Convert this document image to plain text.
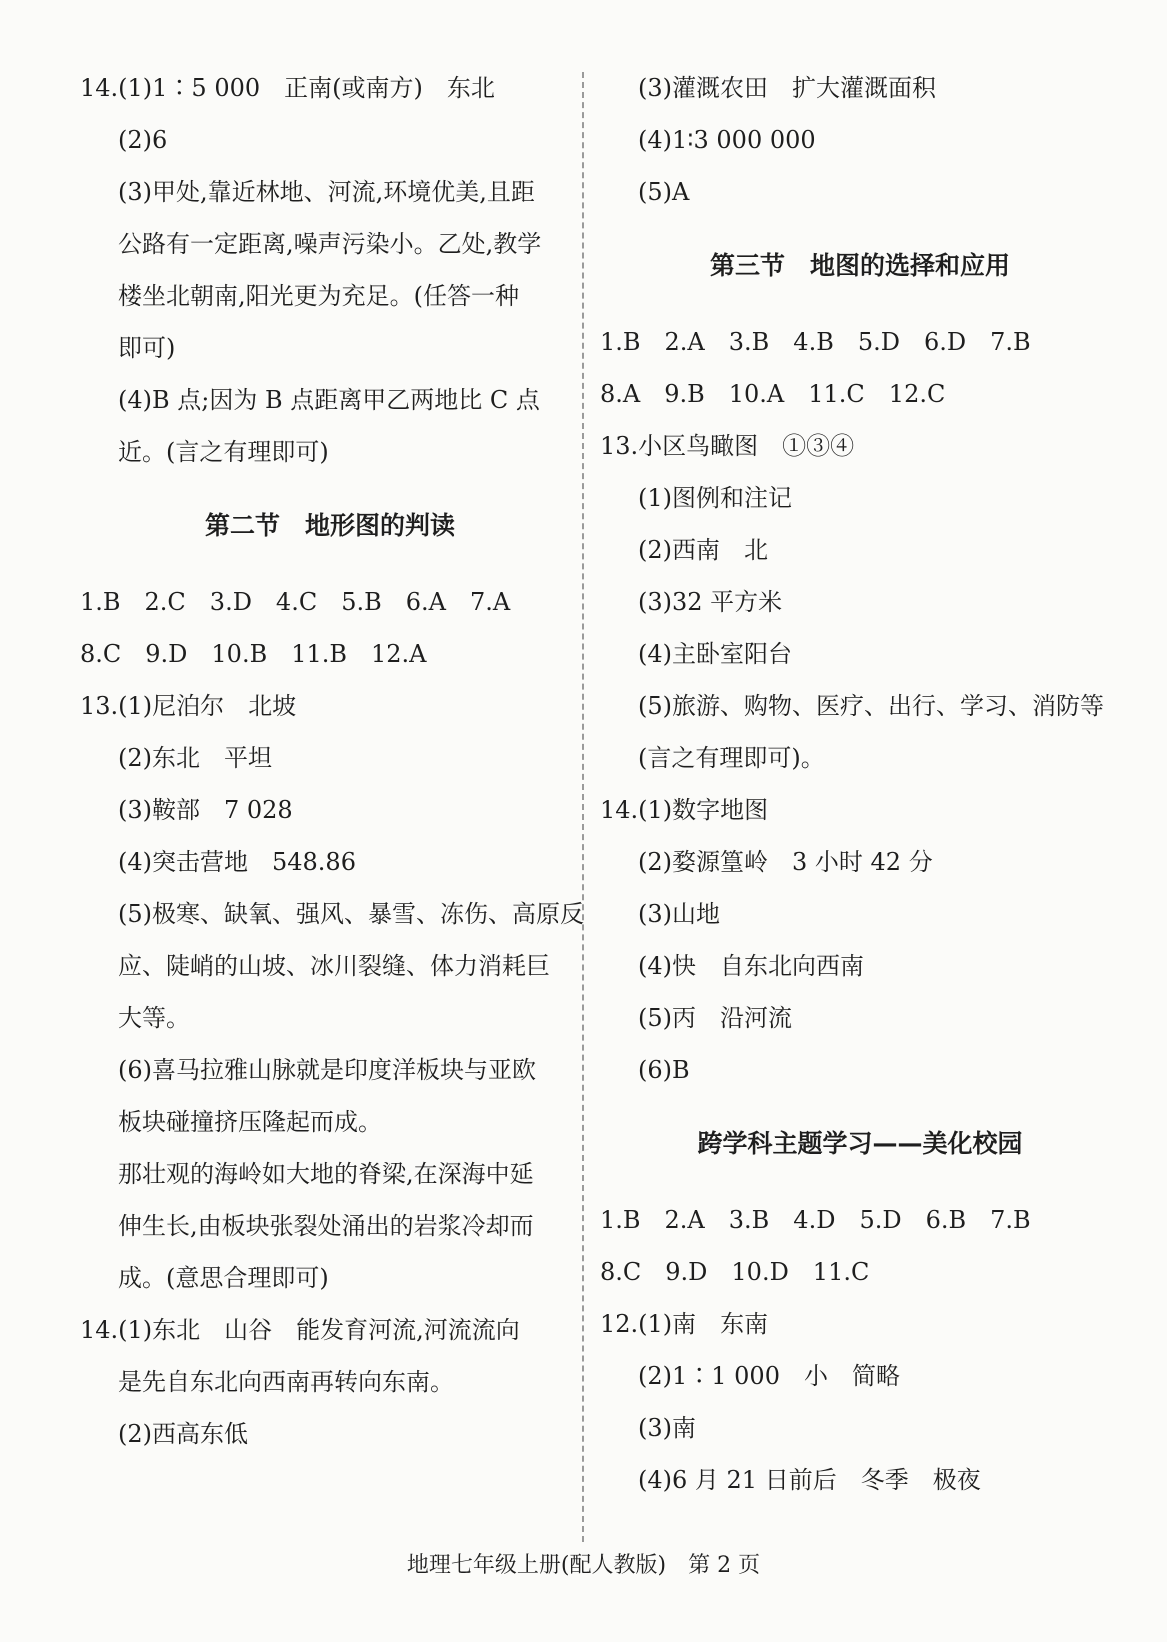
14.(1)1∶5 000　正南(或南方)　东北
(2)6
(3)甲处,靠近林地、河流,环境优美,且距
公路有一定距离,噪声污染小。乙处,教学
楼坐北朝南,阳光更为充足。(任答一种
即可)
(4)B 点;因为 B 点距离甲乙两地比 C 点
近。(言之有理即可)
第二节　地形图的判读
1.B　2.C　3.D　4.C　5.B　6.A　7.A
8.C　9.D　10.B　11.B　12.A
13.(1)尼泊尔　北坡
(2)东北　平坦
(3)鞍部　7 028
(4)突击营地　548.86
(5)极寒、缺氧、强风、暴雪、冻伤、高原反
应、陡峭的山坡、冰川裂缝、体力消耗巨
大等。
(6)喜马拉雅山脉就是印度洋板块与亚欧
板块碰撞挤压隆起而成。
那壮观的海岭如大地的脊梁,在深海中延
伸生长,由板块张裂处涌出的岩浆冷却而
成。(意思合理即可)
14.(1)东北　山谷　能发育河流,河流流向
是先自东北向西南再转向东南。
(2)西高东低
(3)灌溉农田　扩大灌溉面积
(4)1∶3 000 000
(5)A
第三节　地图的选择和应用
1.B　2.A　3.B　4.B　5.D　6.D　7.B
8.A　9.B　10.A　11.C　12.C
13.小区鸟瞰图　①③④
(1)图例和注记
(2)西南　北
(3)32 平方米
(4)主卧室阳台
(5)旅游、购物、医疗、出行、学习、消防等
(言之有理即可)。
14.(1)数字地图
(2)婺源篁岭　3 小时 42 分
(3)山地
(4)快　自东北向西南
(5)丙　沿河流
(6)B
跨学科主题学习——美化校园
1.B　2.A　3.B　4.D　5.D　6.B　7.B
8.C　9.D　10.D　11.C
12.(1)南　东南
(2)1∶1 000　小　简略
(3)南
(4)6 月 21 日前后　冬季　极夜
地理七年级上册(配人教版)　第 2 页
